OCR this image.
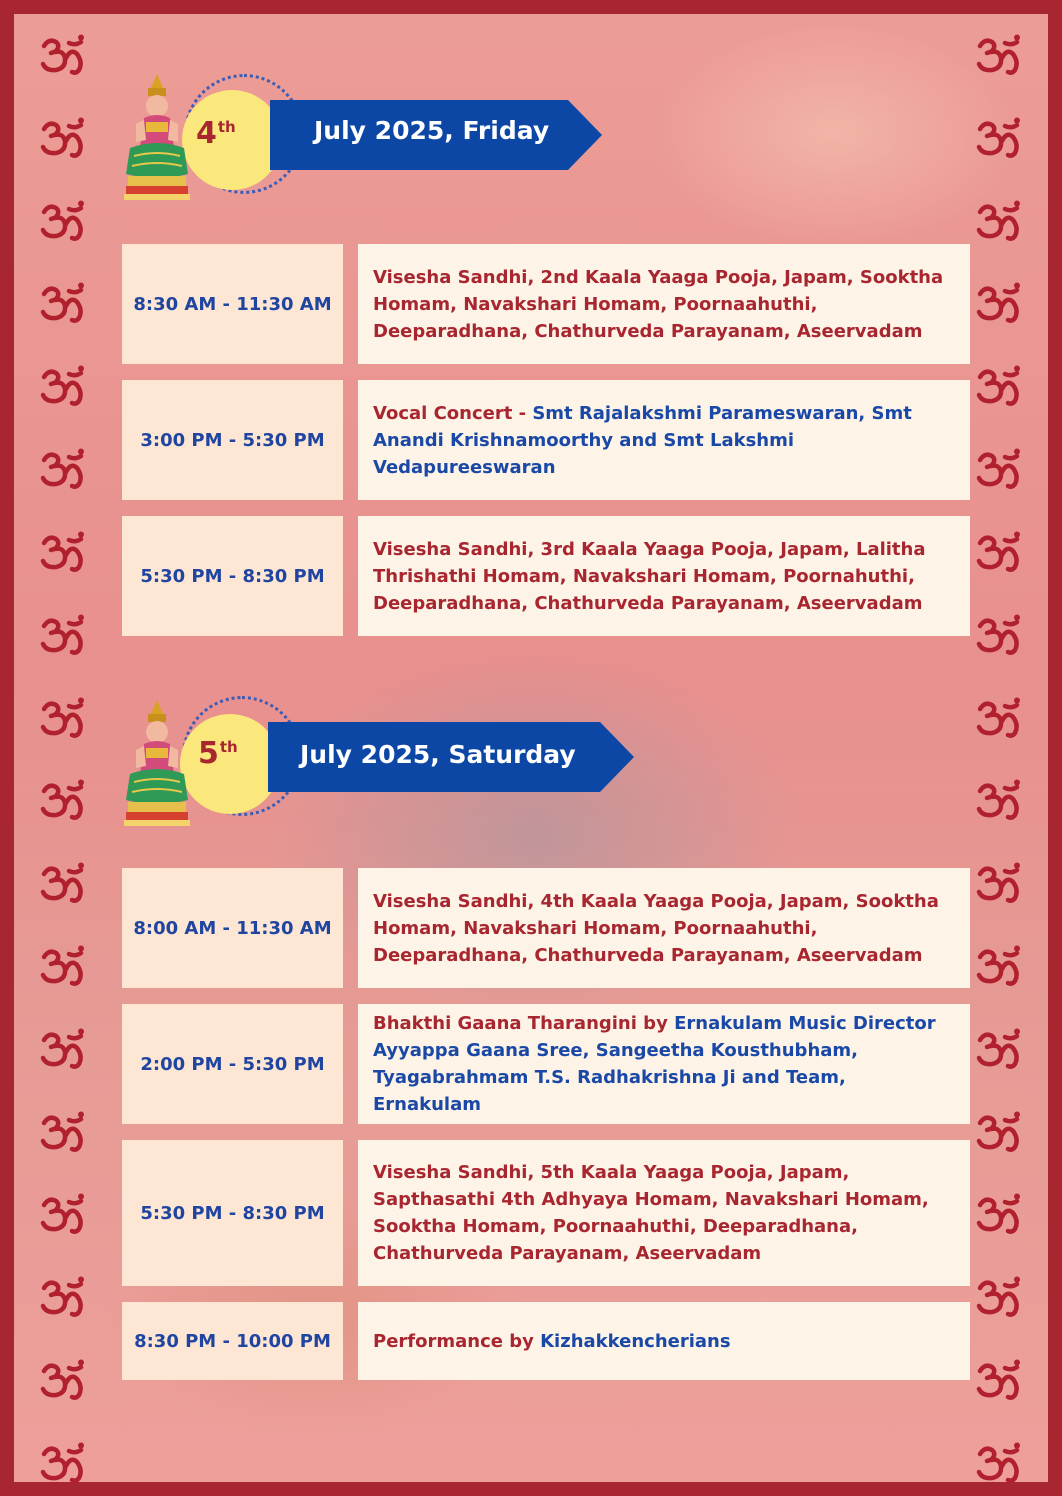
July 2025, Friday
4th
8:30 AM - 11:30 AM
Visesha Sandhi, 2nd Kaala Yaaga Pooja, Japam, Sooktha Homam, Navakshari Homam, Poornaahuthi, Deeparadhana, Chathurveda Parayanam, Aseervadam
3:00 PM - 5:30 PM
Vocal Concert - Smt Rajalakshmi Parameswaran, Smt Anandi Krishnamoorthy and Smt Lakshmi Vedapureeswaran
5:30 PM - 8:30 PM
Visesha Sandhi, 3rd Kaala Yaaga Pooja, Japam, Lalitha Thrishathi Homam, Navakshari Homam, Poornahuthi, Deeparadhana, Chathurveda Parayanam, Aseervadam
July 2025, Saturday
5th
8:00 AM - 11:30 AM
Visesha Sandhi, 4th Kaala Yaaga Pooja, Japam, Sooktha Homam, Navakshari Homam, Poornaahuthi, Deeparadhana, Chathurveda Parayanam, Aseervadam
2:00 PM - 5:30 PM
Bhakthi Gaana Tharangini by Ernakulam Music Director Ayyappa Gaana Sree, Sangeetha Kousthubham, Tyagabrahmam T.S. Radhakrishna Ji and Team, Ernakulam
5:30 PM - 8:30 PM
Visesha Sandhi, 5th Kaala Yaaga Pooja, Japam, Sapthasathi 4th Adhyaya Homam, Navakshari Homam, Sooktha Homam, Poornaahuthi, Deeparadhana, Chathurveda Parayanam, Aseervadam
8:30 PM - 10:00 PM	Performance by Kizhakkencherians
